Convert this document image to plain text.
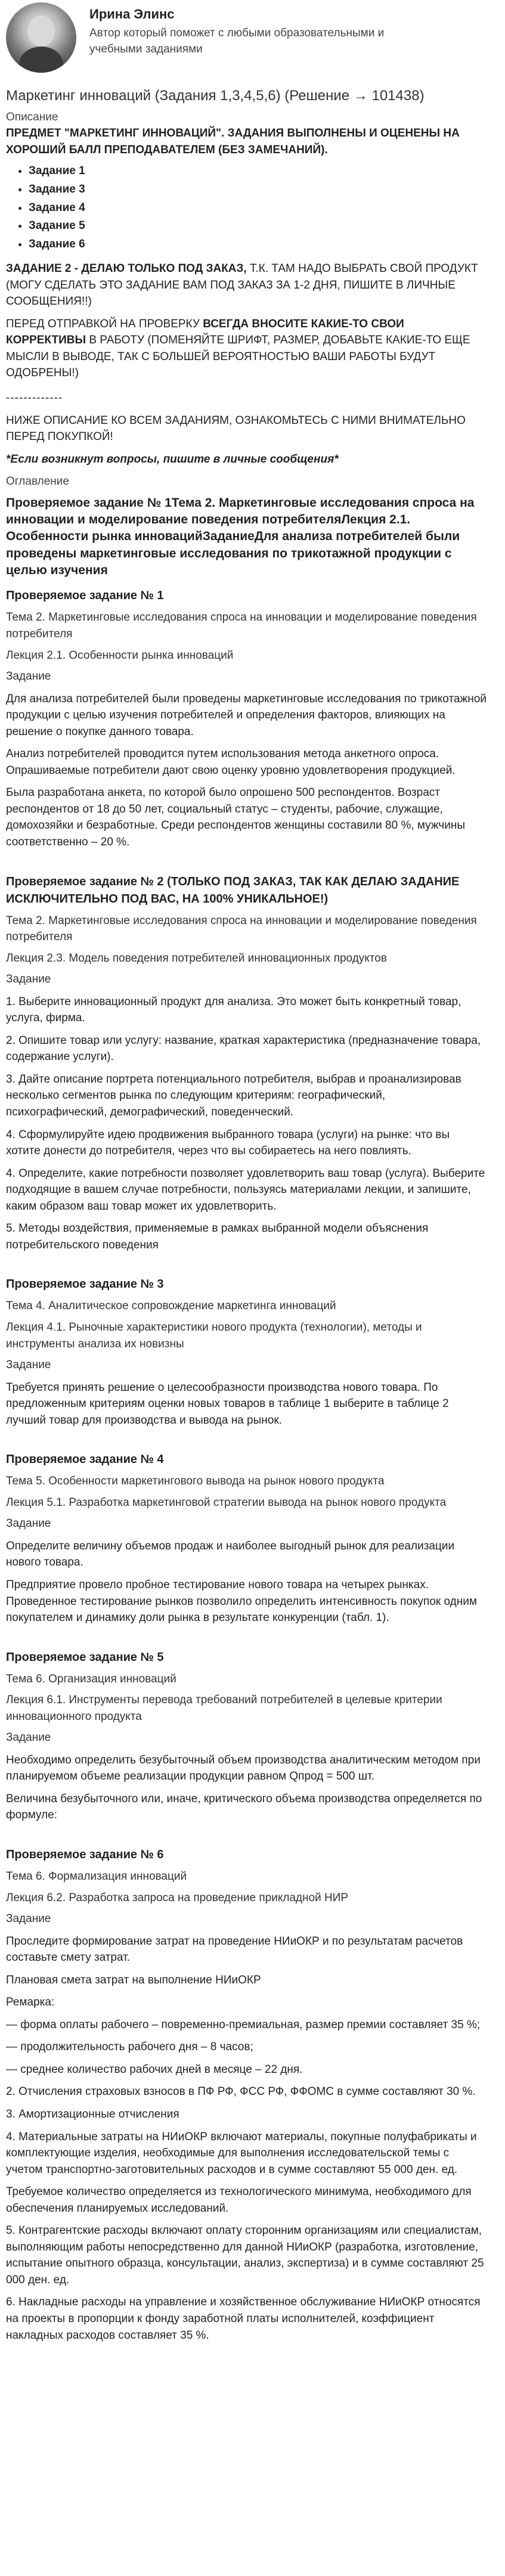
Ирина Элинс
Автор который поможет с любыми образовательными и учебными заданиями
Маркетинг инноваций (Задания 1,3,4,5,6) (Решение → 101438)
Описание
ПРЕДМЕТ "МАРКЕТИНГ ИННОВАЦИЙ". ЗАДАНИЯ ВЫПОЛНЕНЫ И ОЦЕНЕНЫ НА ХОРОШИЙ БАЛЛ ПРЕПОДАВАТЕЛЕМ (БЕЗ ЗАМЕЧАНИЙ).
• Задание 1
• Задание 3
• Задание 4
• Задание 5
• Задание 6

ЗАДАНИЕ 2 - ДЕЛАЮ ТОЛЬКО ПОД ЗАКАЗ, Т.К. ТАМ НАДО ВЫБРАТЬ СВОЙ ПРОДУКТ (МОГУ СДЕЛАТЬ ЭТО ЗАДАНИЕ ВАМ ПОД ЗАКАЗ ЗА 1-2 ДНЯ, ПИШИТЕ В ЛИЧНЫЕ СООБЩЕНИЯ!!)

ПЕРЕД ОТПРАВКОЙ НА ПРОВЕРКУ ВСЕГДА ВНОСИТЕ КАКИЕ-ТО СВОИ КОРРЕКТИВЫ В РАБОТУ (ПОМЕНЯЙТЕ ШРИФТ, РАЗМЕР, ДОБАВЬТЕ КАКИЕ-ТО ЕЩЕ МЫСЛИ В ВЫВОДЕ, ТАК С БОЛЬШЕЙ ВЕРОЯТНОСТЬЮ ВАШИ РАБОТЫ БУДУТ ОДОБРЕНЫ!)

-------------

НИЖЕ ОПИСАНИЕ КО ВСЕМ ЗАДАНИЯМ, ОЗНАКОМЬТЕСЬ С НИМИ ВНИМАТЕЛЬНО ПЕРЕД ПОКУПКОЙ!

*Если возникнут вопросы, пишите в личные сообщения*

Оглавление
Проверяемое задание № 1Тема 2. Маркетинговые исследования спроса на инновации и моделирование поведения потребителяЛекция 2.1. Особенности рынка инновацийЗаданиеДля анализа потребителей были проведены маркетинговые исследования по трикотажной продукции с целью изучения
Проверяемое задание № 1
Тема 2. Маркетинговые исследования спроса на инновации и моделирование поведения потребителя
Лекция 2.1. Особенности рынка инноваций
Задание

Для анализа потребителей были проведены маркетинговые исследования по трикотажной продукции с целью изучения потребителей и определения факторов, влияющих на решение о покупке данного товара.

Анализ потребителей проводится путем использования метода анкетного опроса. Опрашиваемые потребители дают свою оценку уровню удовлетворения продукцией.

Была разработана анкета, по которой было опрошено 500 респондентов. Возраст респондентов от 18 до 50 лет, социальный статус – студенты, рабочие, служащие, домохозяйки и безработные. Среди респондентов женщины составили 80 %, мужчины соответственно – 20 %.

Проверяемое задание № 2 (ТОЛЬКО ПОД ЗАКАЗ, ТАК КАК ДЕЛАЮ ЗАДАНИЕ ИСКЛЮЧИТЕЛЬНО ПОД ВАС, НА 100% УНИКАЛЬНОЕ!)
Тема 2. Маркетинговые исследования спроса на инновации и моделирование поведения потребителя
Лекция 2.3. Модель поведения потребителей инновационных продуктов
Задание

1. Выберите инновационный продукт для анализа. Это может быть конкретный товар, услуга, фирма.

2. Опишите товар или услугу: название, краткая характеристика (предназначение товара, содержание услуги).

3. Дайте описание портрета потенциального потребителя, выбрав и проанализировав несколько сегментов рынка по следующим критериям: географический, психографический, демографический, поведенческий.

4. Сформулируйте идею продвижения выбранного товара (услуги) на рынке: что вы хотите донести до потребителя, через что вы собираетесь на него повлиять.

4. Определите, какие потребности позволяет удовлетворить ваш товар (услуга). Выберите подходящие в вашем случае потребности, пользуясь материалами лекции, и запишите, каким образом ваш товар может их удовлетворить.

5. Методы воздействия, применяемые в рамках выбранной модели объяснения потребительского поведения

Проверяемое задание № 3
Тема 4. Аналитическое сопровождение маркетинга инноваций
Лекция 4.1. Рыночные характеристики нового продукта (технологии), методы и инструменты анализа их новизны
Задание

Требуется принять решение о целесообразности производства нового товара. По предложенным критериям оценки новых товаров в таблице 1 выберите в таблице 2 лучший товар для производства и вывода на рынок.

Проверяемое задание № 4
Тема 5. Особенности маркетингового вывода на рынок нового продукта
Лекция 5.1. Разработка маркетинговой стратегии вывода на рынок нового продукта
Задание

Определите величину объемов продаж и наиболее выгодный рынок для реализации нового товара.

Предприятие провело пробное тестирование нового товара на четырех рынках. Проведенное тестирование рынков позволило определить интенсивность покупок одним покупателем и динамику доли рынка в результате конкуренции (табл. 1).

Проверяемое задание № 5
Тема 6. Организация инноваций
Лекция 6.1. Инструменты перевода требований потребителей в целевые критерии инновационного продукта
Задание

Необходимо определить безубыточный объем производства аналитическим методом при планируемом объеме реализации продукции равном Qпрод = 500 шт.

Величина безубыточного или, иначе, критического объема производства определяется по формуле:

Проверяемое задание № 6
Тема 6. Формализация инноваций
Лекция 6.2. Разработка запроса на проведение прикладной НИР
Задание

Проследите формирование затрат на проведение НИиОКР и по результатам расчетов составьте смету затрат.

Плановая смета затрат на выполнение НИиОКР

Ремарка:

— форма оплаты рабочего – повременно-премиальная, размер премии составляет 35 %;

— продолжительность рабочего дня – 8 часов;

— среднее количество рабочих дней в месяце – 22 дня.

2. Отчисления страховых взносов в ПФ РФ, ФСС РФ, ФФОМС в сумме составляют 30 %.

3. Амортизационные отчисления

4. Материальные затраты на НИиОКР включают материалы, покупные полуфабрикаты и комплектующие изделия, необходимые для выполнения исследовательской темы с учетом транспортно-заготовительных расходов и в сумме составляют 55 000 ден. ед.

Требуемое количество определяется из технологического минимума, необходимого для обеспечения планируемых исследований.

5. Контрагентские расходы включают оплату сторонним организациям или специалистам, выполняющим работы непосредственно для данной НИиОКР (разработка, изготовление, испытание опытного образца, консультации, анализ, экспертиза) и в сумме составляют 25 000 ден. ед.

6. Накладные расходы на управление и хозяйственное обслуживание НИиОКР относятся на проекты в пропорции к фонду заработной платы исполнителей, коэффициент накладных расходов составляет 35 %.
